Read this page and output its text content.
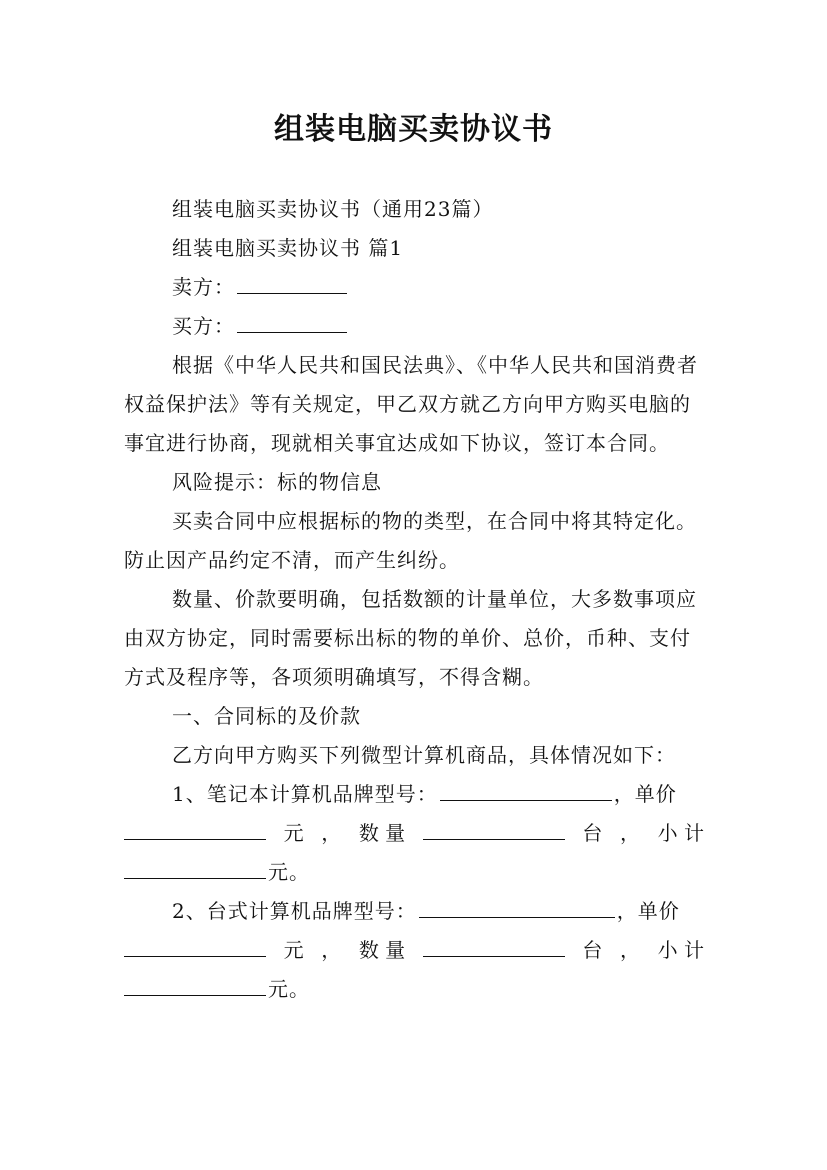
组装电脑买卖协议书

组装电脑买卖协议书（通用23篇）

组装电脑买卖协议书 篇1

卖方：

买方：

根据《中华人民共和国民法典》、《中华人民共和国消费者权益保护法》等有关规定，甲乙双方就乙方向甲方购买电脑的事宜进行协商，现就相关事宜达成如下协议，签订本合同。

风险提示：标的物信息

买卖合同中应根据标的物的类型，在合同中将其特定化。防止因产品约定不清，而产生纠纷。

数量、价款要明确，包括数额的计量单位，大多数事项应由双方协定，同时需要标出标的物的单价、总价，币种、支付方式及程序等，各项须明确填写，不得含糊。

一、合同标的及价款

乙方向甲方购买下列微型计算机商品，具体情况如下：

1、笔记本计算机品牌型号：	，单价

元 ， 数 量	台 ， 小 计

元。

2、台式计算机品牌型号：	，单价

元 ， 数 量	台 ， 小 计

元。
